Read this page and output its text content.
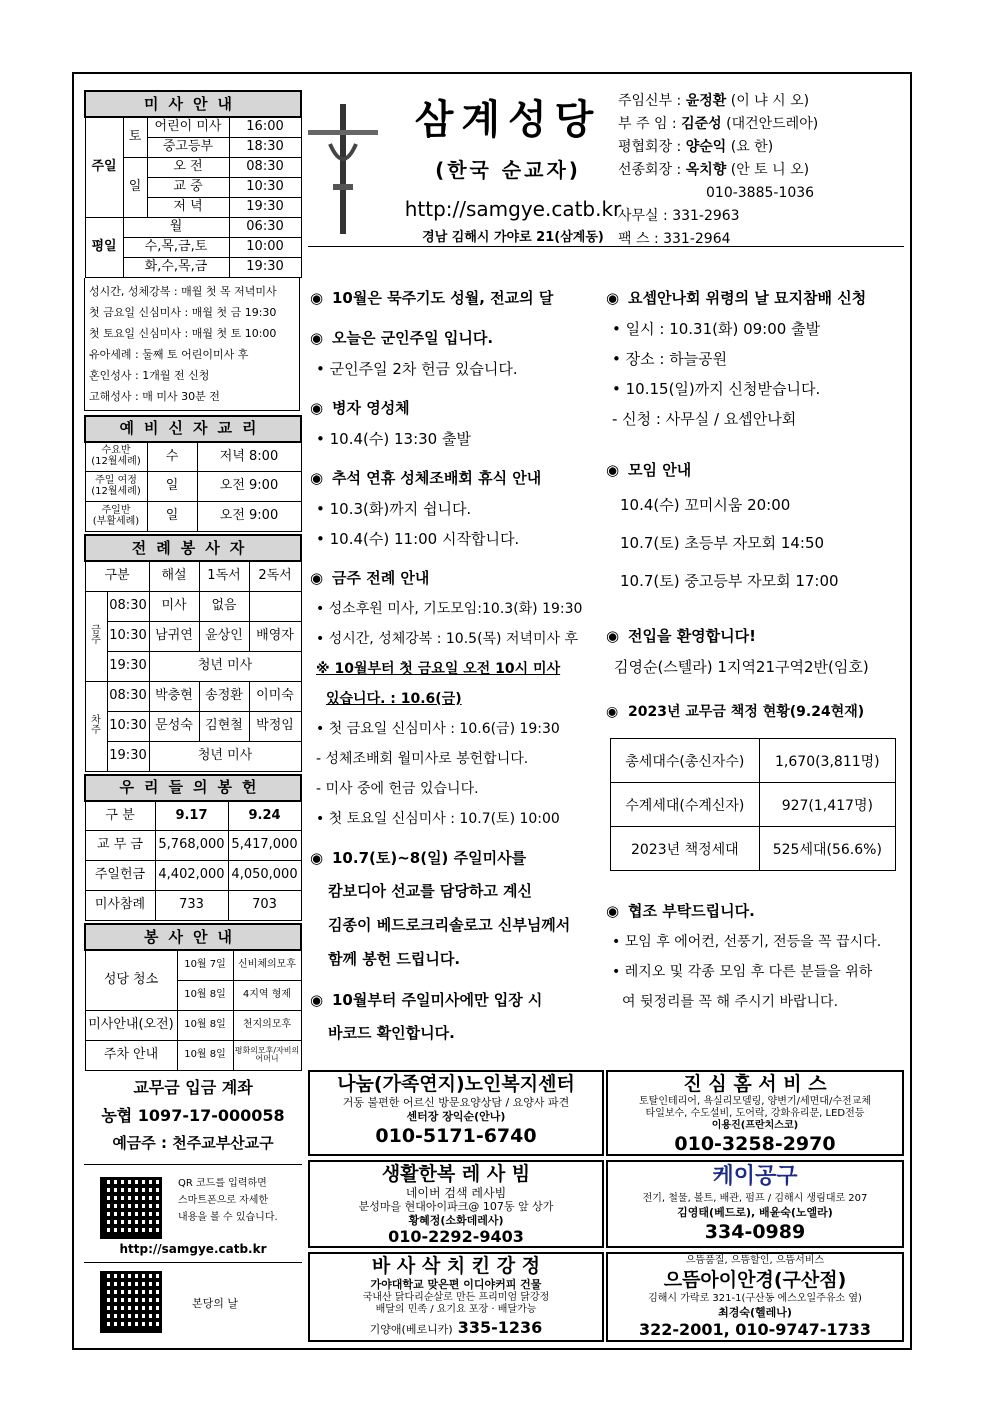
미사안내			
주일	토	어린이 미사	16:00
		중고등부	18:30
	일	오 전	08:30
		교 중	10:30
		저 녁	19:30
평일	월		06:30
	수,목,금,토		10:00
	화,수,목,금		19:30
성시간, 성체강복 : 매월 첫 목 저녁미사
첫 금요일 신심미사 : 매월 첫 금 19:30
첫 토요일 신심미사 : 매월 첫 토 10:00
유아세례 : 둘째 토 어린이미사 후
혼인성사 : 1개월 전 신청
고해성사 : 매 미사 30분 전
예비신자교리		
수요반
(12월세례)	수	저녁 8:00
주일 여정
(12월세례)	일	오전 9:00
주일반
(부활세례)	일	오전 9:00
전례봉사자				
구분		해설	1독서	2독서
금주	08:30	미사	없음	
	10:30	남귀연	윤상인	배영자
	19:30	청년 미사		
차주	08:30	박충현	송정환	이미숙
	10:30	문성숙	김현철	박정임
	19:30	청년 미사		
우리들의봉헌		
구 분	9.17	9.24
교 무 금	5,768,000	5,417,000
주일헌금	4,402,000	4,050,000
미사참례	733	703
봉사안내		
성당 청소	10월 7일	신비체의모후
	10월 8일	4지역 형제
미사안내(오전)	10월 8일	천지의모후
주차 안내	10월 8일	평화의모후/자비의어머니
삼계성당
(한국 순교자)
http://samgye.catb.kr
경남 김해시 가야로 21(삼계동)
주임신부 : 윤정환 (이 냐 시 오)
부 주 임 : 김준성 (대건안드레아)
평협회장 : 양순익 (요 한)
선종회장 : 옥치향 (안 토 니 오)
010-3885-1036
사무실 : 331-2963
팩 스 : 331-2964
◉ 10월은 묵주기도 성월, 전교의 달
◉ 오늘은 군인주일 입니다.
• 군인주일 2차 헌금 있습니다.
◉ 병자 영성체
• 10.4(수) 13:30 출발
◉ 추석 연휴 성체조배회 휴식 안내
• 10.3(화)까지 쉽니다.
• 10.4(수) 11:00 시작합니다.
◉ 금주 전례 안내
• 성소후원 미사, 기도모임:10.3(화) 19:30
• 성시간, 성체강복 : 10.5(목) 저녁미사 후
※ 10월부터 첫 금요일 오전 10시 미사
있습니다. : 10.6(금)
• 첫 금요일 신심미사 : 10.6(금) 19:30
- 성체조배회 월미사로 봉헌합니다.
- 미사 중에 헌금 있습니다.
• 첫 토요일 신심미사 : 10.7(토) 10:00
◉ 10.7(토)~8(일) 주일미사를
캄보디아 선교를 담당하고 계신
김종이 베드로크리솔로고 신부님께서
함께 봉헌 드립니다.
◉ 10월부터 주일미사에만 입장 시
바코드 확인합니다.
◉ 요셉안나회 위령의 날 묘지참배 신청
• 일시 : 10.31(화) 09:00 출발
• 장소 : 하늘공원
• 10.15(일)까지 신청받습니다.
- 신청 : 사무실 / 요셉안나회
◉ 모임 안내
10.4(수) 꼬미시움 20:00
10.7(토) 초등부 자모회 14:50
10.7(토) 중고등부 자모회 17:00
◉ 전입을 환영합니다!
김영순(스텔라) 1지역21구역2반(임호)
◉ 2023년 교무금 책정 현황(9.24현재)
총세대수(총신자수)	1,670(3,811명)
수계세대(수계신자)	927(1,417명)
2023년 책정세대	525세대(56.6%)
◉ 협조 부탁드립니다.
• 모임 후 에어컨, 선풍기, 전등을 꼭 끕시다.
• 레지오 및 각종 모임 후 다른 분들을 위하
여 뒷정리를 꼭 해 주시기 바랍니다.
교무금 입금 계좌
농협 1097-17-000058
예금주 : 천주교부산교구
QR 코드를 입력하면
스마트폰으로 자세한
내용을 볼 수 있습니다.
http://samgye.catb.kr
본당의 날
나눔(가족연지)노인복지센터
거동 불편한 어르신 방문요양상담 / 요양사 파견
센터장 장익순(안나)
010-5171-6740
진 심 홈 서 비 스
토탈인테리어, 욕실리모델링, 양변기/세면대/수전교체
타일보수, 수도설비, 도어락, 강화유리문, LED전등
이용진(프란치스코)
010-3258-2970
생활한복 레 사 빔
네이버 검색 레사빔
분성마을 현대아이파크@ 107동 앞 상가
황혜정(소화데레사)
010-2292-9403
케이공구
전기, 철물, 볼트, 배관, 펌프 / 김해시 생림대로 207
김영태(베드로), 배윤숙(노엘라)
334-0989
바 사 삭 치 킨 강 정
가야대학교 맞은편 이디야커피 건물
국내산 닭다리순살로 만든 프리미엄 닭강정
배달의 민족 / 요기요 포장 · 배달가능
기양애(베로니카) 335-1236
으뜸품질, 으뜸할인, 으뜸서비스
으뜸아이안경(구산점)
김해시 가락로 321-1(구산동 에스오일주유소 옆)
최경숙(헬레나)
322-2001, 010-9747-1733
